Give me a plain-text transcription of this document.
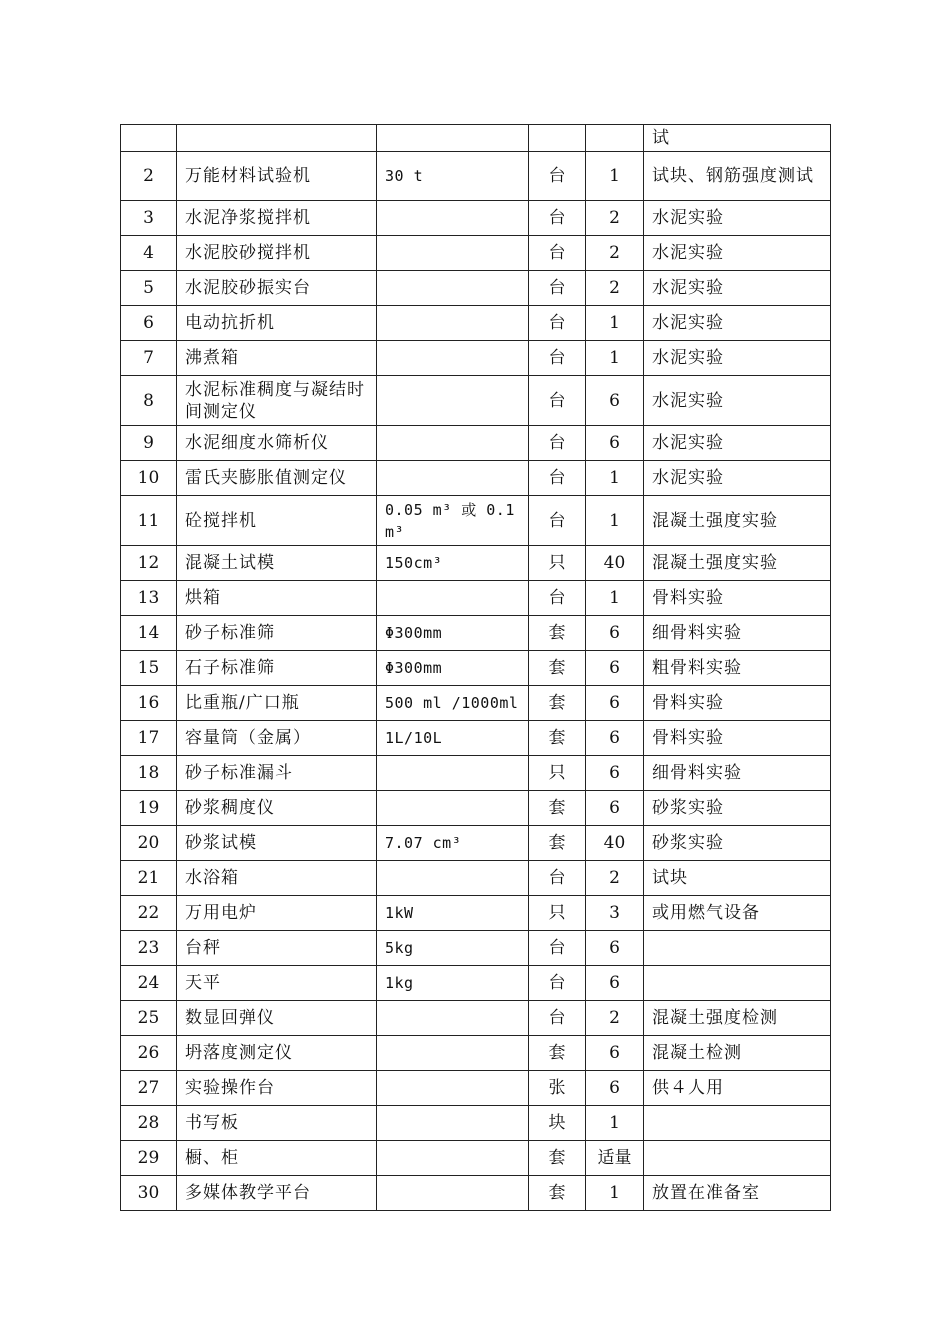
					试
2	万能材料试验机	30 t	台	1	试块、钢筋强度测试
3	水泥净浆搅拌机		台	2	水泥实验
4	水泥胶砂搅拌机		台	2	水泥实验
5	水泥胶砂振实台		台	2	水泥实验
6	电动抗折机		台	1	水泥实验
7	沸煮箱		台	1	水泥实验
8	水泥标准稠度与凝结时间测定仪		台	6	水泥实验
9	水泥细度水筛析仪		台	6	水泥实验
10	雷氏夹膨胀值测定仪		台	1	水泥实验
11	砼搅拌机	0.05 m³ 或 0.1 m³	台	1	混凝土强度实验
12	混凝土试模	150cm³	只	40	混凝土强度实验
13	烘箱		台	1	骨料实验
14	砂子标准筛	Φ300mm	套	6	细骨料实验
15	石子标准筛	Φ300mm	套	6	粗骨料实验
16	比重瓶/广口瓶	500 ml /1000ml	套	6	骨料实验
17	容量筒（金属）	1L/10L	套	6	骨料实验
18	砂子标准漏斗		只	6	细骨料实验
19	砂浆稠度仪		套	6	砂浆实验
20	砂浆试模	7.07 cm³	套	40	砂浆实验
21	水浴箱		台	2	试块
22	万用电炉	1kW	只	3	或用燃气设备
23	台秤	5kg	台	6	
24	天平	1kg	台	6	
25	数显回弹仪		台	2	混凝土强度检测
26	坍落度测定仪		套	6	混凝土检测
27	实验操作台		张	6	供４人用
28	书写板		块	1	
29	橱、柜		套	适量	
30	多媒体教学平台		套	1	放置在准备室
